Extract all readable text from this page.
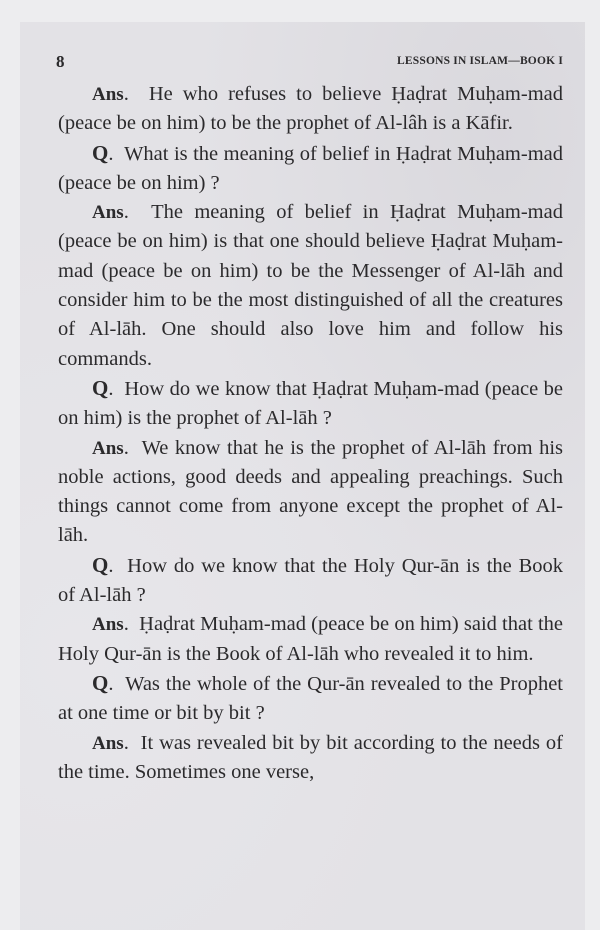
8	LESSONS IN ISLAM—BOOK I

Ans.  He who refuses to believe Ḥaḍrat Muḥam-mad (peace be on him) to be the prophet of Al-lâh is a Kāfir.

Q.  What is the meaning of belief in Ḥaḍrat Muḥam-mad (peace be on him) ?

Ans.  The meaning of belief in Ḥaḍrat Muḥam-mad (peace be on him) is that one should believe Ḥaḍrat Muḥam-mad (peace be on him) to be the Messenger of Al-lāh and consider him to be the most distinguished of all the creatures of Al-lāh. One should also love him and follow his commands.

Q.  How do we know that Ḥaḍrat Muḥam-mad (peace be on him) is the prophet of Al-lāh ?

Ans.  We know that he is the prophet of Al-lāh from his noble actions, good deeds and appealing preachings. Such things cannot come from anyone except the prophet of Al-lāh.

Q.  How do we know that the Holy Qur-ān is the Book of Al-lāh ?

Ans.  Ḥaḍrat Muḥam-mad (peace be on him) said that the Holy Qur-ān is the Book of Al-lāh who revealed it to him.

Q.  Was the whole of the Qur-ān revealed to the Prophet at one time or bit by bit ?

Ans.  It was revealed bit by bit according to the needs of the time. Sometimes one verse,
